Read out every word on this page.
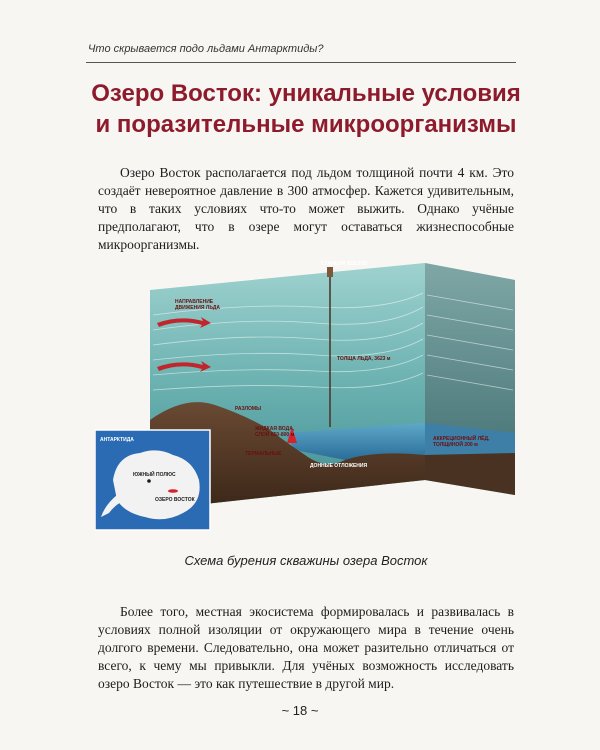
Что скрывается подо льдами Антарктиды?
Озеро Восток: уникальные условия
и поразительные микроорганизмы

Озеро Восток располагается под льдом толщиной почти 4 км. Это создаёт невероятное давление в 300 атмосфер. Кажется удивительным, что в таких условиях что-то может выжить. Однако учёные предполагают, что в озере могут оставаться жизнеспособные микроорганизмы.

СТАНЦИЯ ВОСТОК
НАПРАВЛЕНИЕ
ДВИЖЕНИЯ ЛЬДА
ТОЛЩА ЛЬДА, 3623 м
РАЗЛОМЫ
ЖИДКАЯ ВОДА,
СЛОЙ 650-800 м
АККРЕЦИОННЫЙ ЛЁД,
ТОЛЩИНОЙ 200 м
ДОННЫЕ ОТЛОЖЕНИЯ
ТЕРМАЛЬНЫЕ
АНТАРКТИДА
ЮЖНЫЙ ПОЛЮС
ОЗЕРО ВОСТОК
Схема бурения скважины озера Восток

Более того, местная экосистема формировалась и развивалась в условиях полной изоляции от окружающего мира в течение очень долгого времени. Следовательно, она может разительно отличаться от всего, к чему мы привыкли. Для учёных возможность исследовать озеро Восток — это как путешествие в другой мир.

~ 18 ~
